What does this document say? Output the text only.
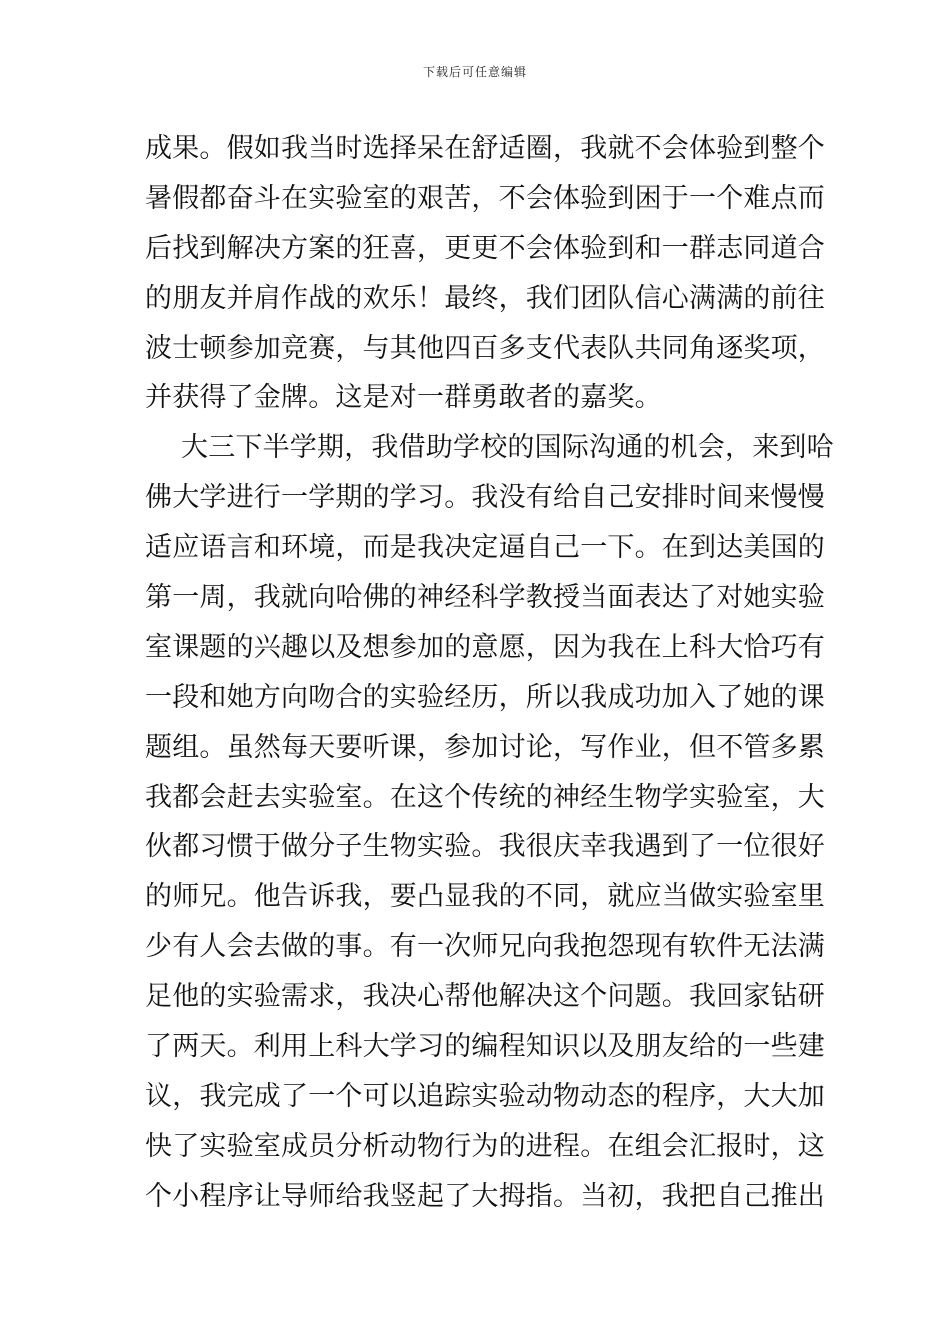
下载后可任意编辑
成果。假如我当时选择呆在舒适圈，我就不会体验到整个
暑假都奋斗在实验室的艰苦，不会体验到困于一个难点而
后找到解决方案的狂喜，更更不会体验到和一群志同道合
的朋友并肩作战的欢乐！最终，我们团队信心满满的前往
波士顿参加竞赛，与其他四百多支代表队共同角逐奖项，
并获得了金牌。这是对一群勇敢者的嘉奖。
大三下半学期，我借助学校的国际沟通的机会，来到哈
佛大学进行一学期的学习。我没有给自己安排时间来慢慢
适应语言和环境，而是我决定逼自己一下。在到达美国的
第一周，我就向哈佛的神经科学教授当面表达了对她实验
室课题的兴趣以及想参加的意愿，因为我在上科大恰巧有
一段和她方向吻合的实验经历，所以我成功加入了她的课
题组。虽然每天要听课，参加讨论，写作业，但不管多累
我都会赶去实验室。在这个传统的神经生物学实验室，大
伙都习惯于做分子生物实验。我很庆幸我遇到了一位很好
的师兄。他告诉我，要凸显我的不同，就应当做实验室里
少有人会去做的事。有一次师兄向我抱怨现有软件无法满
足他的实验需求，我决心帮他解决这个问题。我回家钻研
了两天。利用上科大学习的编程知识以及朋友给的一些建
议，我完成了一个可以追踪实验动物动态的程序，大大加
快了实验室成员分析动物行为的进程。在组会汇报时，这
个小程序让导师给我竖起了大拇指。当初，我把自己推出
